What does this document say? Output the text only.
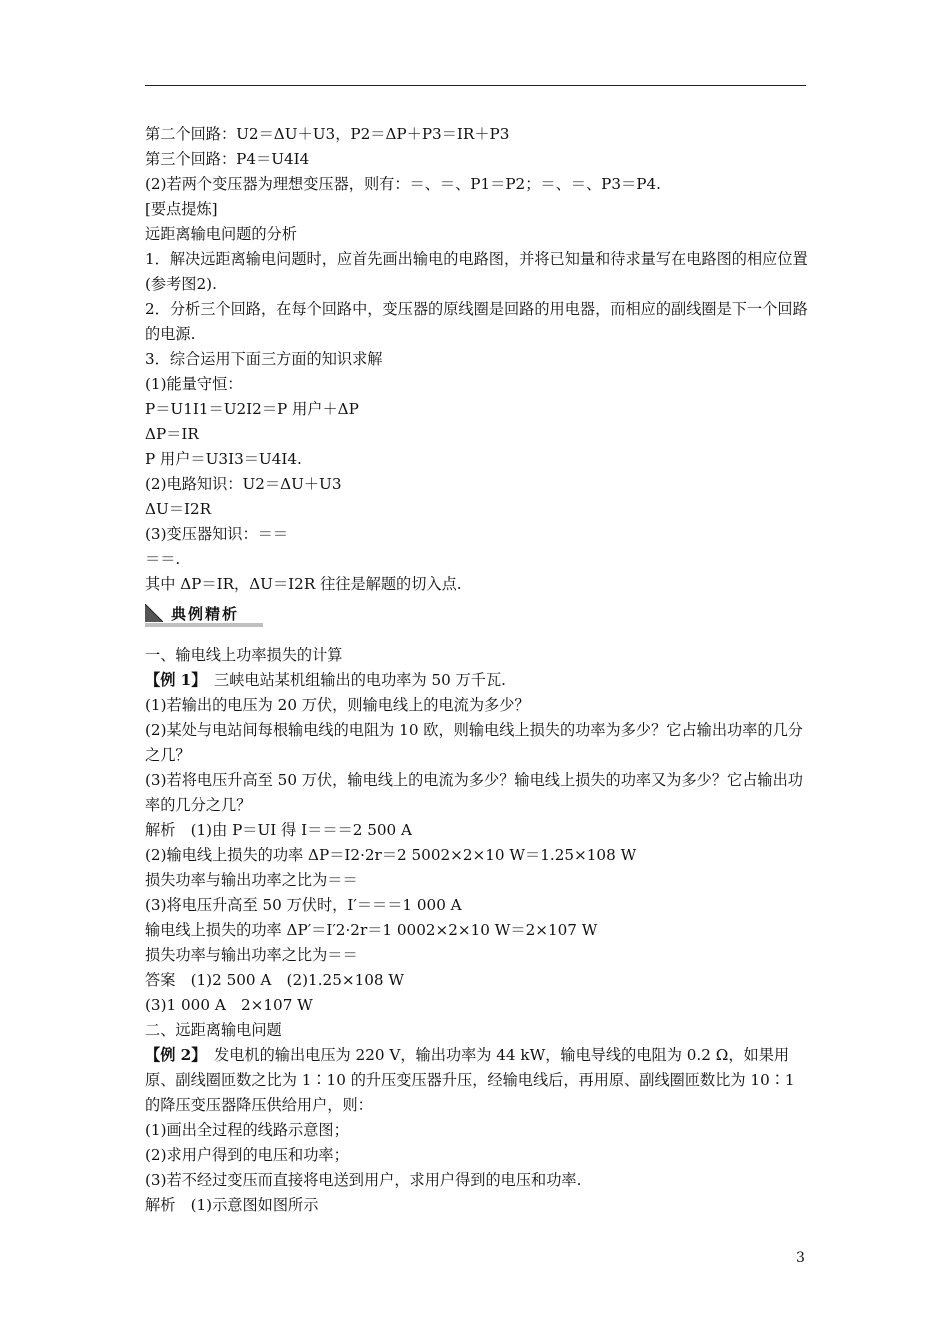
第二个回路：U2＝ΔU＋U3，P2＝ΔP＋P3＝IR＋P3
第三个回路：P4＝U4I4
(2)若两个变压器为理想变压器，则有：＝、＝、P1＝P2；＝、＝、P3＝P4.
[要点提炼]
远距离输电问题的分析
1．解决远距离输电问题时，应首先画出输电的电路图，并将已知量和待求量写在电路图的相应位置(参考图2).
2．分析三个回路，在每个回路中，变压器的原线圈是回路的用电器，而相应的副线圈是下一个回路的电源.
3．综合运用下面三方面的知识求解
(1)能量守恒：
P＝U1I1＝U2I2＝P 用户＋ΔP
ΔP＝IR
P 用户＝U3I3＝U4I4.
(2)电路知识：U2＝ΔU＋U3
ΔU＝I2R
(3)变压器知识：＝＝
＝＝.
其中 ΔP＝IR，ΔU＝I2R 往往是解题的切入点.
典例精析
一、输电线上功率损失的计算
【例 1】　三峡电站某机组输出的电功率为 50 万千瓦.
(1)若输出的电压为 20 万伏，则输电线上的电流为多少？
(2)某处与电站间每根输电线的电阻为 10 欧，则输电线上损失的功率为多少？它占输出功率的几分之几？
(3)若将电压升高至 50 万伏，输电线上的电流为多少？输电线上损失的功率又为多少？它占输出功率的几分之几？
解析　(1)由 P＝UI 得 I＝＝＝2 500 A
(2)输电线上损失的功率 ΔP＝I2·2r＝2 5002×2×10 W＝1.25×108 W
损失功率与输出功率之比为＝＝
(3)将电压升高至 50 万伏时，I′＝＝＝1 000 A
输电线上损失的功率 ΔP′＝I′2·2r＝1 0002×2×10 W＝2×107 W
损失功率与输出功率之比为＝＝
答案　(1)2 500 A　(2)1.25×108 W
(3)1 000 A　2×107 W
二、远距离输电问题
【例 2】　发电机的输出电压为 220 V，输出功率为 44 kW，输电导线的电阻为 0.2 Ω，如果用原、副线圈匝数之比为 1∶10 的升压变压器升压，经输电线后，再用原、副线圈匝数比为 10∶1 的降压变压器降压供给用户，则：
(1)画出全过程的线路示意图；
(2)求用户得到的电压和功率；
(3)若不经过变压而直接将电送到用户，求用户得到的电压和功率.
解析　(1)示意图如图所示
3
